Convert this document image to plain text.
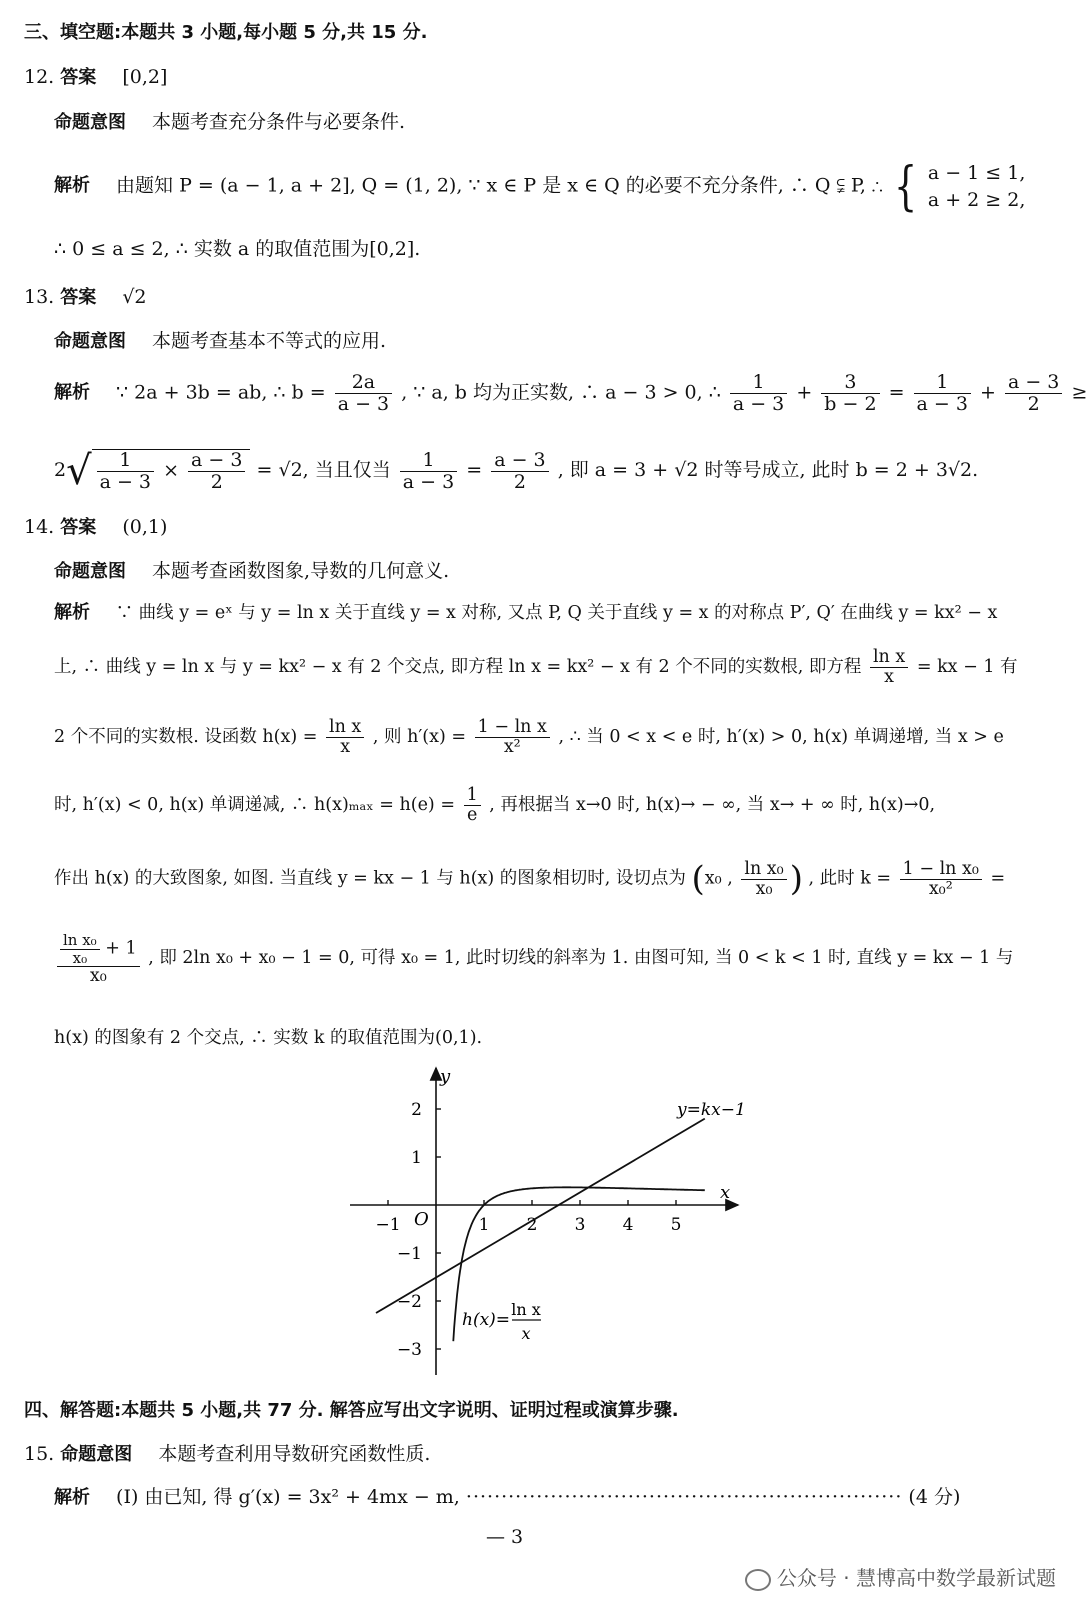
三、填空题:本题共 3 小题,每小题 5 分,共 15 分.
12. 答案 [0,2]
命题意图 本题考查充分条件与必要条件.
解析 由题知 P = (a − 1, a + 2], Q = (1, 2), ∵ x ∈ P 是 x ∈ Q 的必要不充分条件, ∴ Q ⫋ P, ∴ { a − 1 ≤ 1,
a + 2 ≥ 2,
∴ 0 ≤ a ≤ 2, ∴ 实数 a 的取值范围为[0,2].
13. 答案 √2
命题意图 本题考查基本不等式的应用.
解析 ∵ 2a + 3b = ab, ∴ $b = \frac{2a}{a - 3}$ , ∵ a, b 均为正实数, ∴ a − 3 > 0, ∴ $\frac{1}{a - 3} + \frac{3}{b - 2} = \frac{1}{a - 3} + \frac{a - 3}{2}$ ≥
$2√ \frac{1}{a - 3} \times \frac{a - 3}{2} = √2$, 当且仅当 $\frac{1}{a - 3} = \frac{a - 3}{2}$ , 即 a = 3 + √2 时等号成立, 此时 b = 2 + 3√2.
14. 答案 (0,1)
命题意图 本题考查函数图象,导数的几何意义.
解析 ∵ 曲线 y = eˣ 与 y = ln x 关于直线 y = x 对称, 又点 P, Q 关于直线 y = x 的对称点 P′, Q′ 在曲线 y = kx² − x
上, ∴ 曲线 y = ln x 与 y = kx² − x 有 2 个交点, 即方程 ln x = kx² − x 有 2 个不同的实数根, 即方程 $\frac{\text{ln x}}{x}$ = kx − 1 有
2 个不同的实数根. 设函数 $h(x) = \frac{\text{ln x}}{x}$ , 则 $h'(x) = \frac{\text{1 − ln x}}{\text{x²}}$ , ∴ 当 0 < x < e 时, h′(x) > 0, h(x) 单调递增, 当 x > e
时, h′(x) < 0, h(x) 单调递减, ∴ $h(x)_{max} = h(e) = \frac{1}{e}$ , 再根据当 x→0 时, h(x)→ − ∞, 当 x→ + ∞ 时, h(x)→0,
作出 h(x) 的大致图象, 如图. 当直线 y = kx − 1 与 h(x) 的图象相切时, 设切点为 (x₀ , $\frac{\text{ln x₀}}{\text{x₀}}$ ) , 此时 $k = \frac{\text{1 − ln x₀}}{\text{x₀²}}$ =
$\frac{\frac{\text{ln x₀}}{\text{x₀}} + 1}{\text{x₀}}$ , 即 2ln x₀ + x₀ − 1 = 0, 可得 x₀ = 1, 此时切线的斜率为 1. 由图可知, 当 0 < k < 1 时, 直线 y = kx − 1 与
h(x) 的图象有 2 个交点, ∴ 实数 k 的取值范围为(0,1).
y
x
O
−1	1 2 3 4 5
2
1
−1
−2
−3
y=kx−1
h(x)=
ln x
x
四、解答题:本题共 5 小题,共 77 分. 解答应写出文字说明、证明过程或演算步骤.
15. 命题意图 本题考查利用导数研究函数性质.
解析 (Ⅰ) 由已知, 得 g′(x) = 3x² + 4mx − m, ······························································ (4 分)
— 3
公众号 · 慧博高中数学最新试题
